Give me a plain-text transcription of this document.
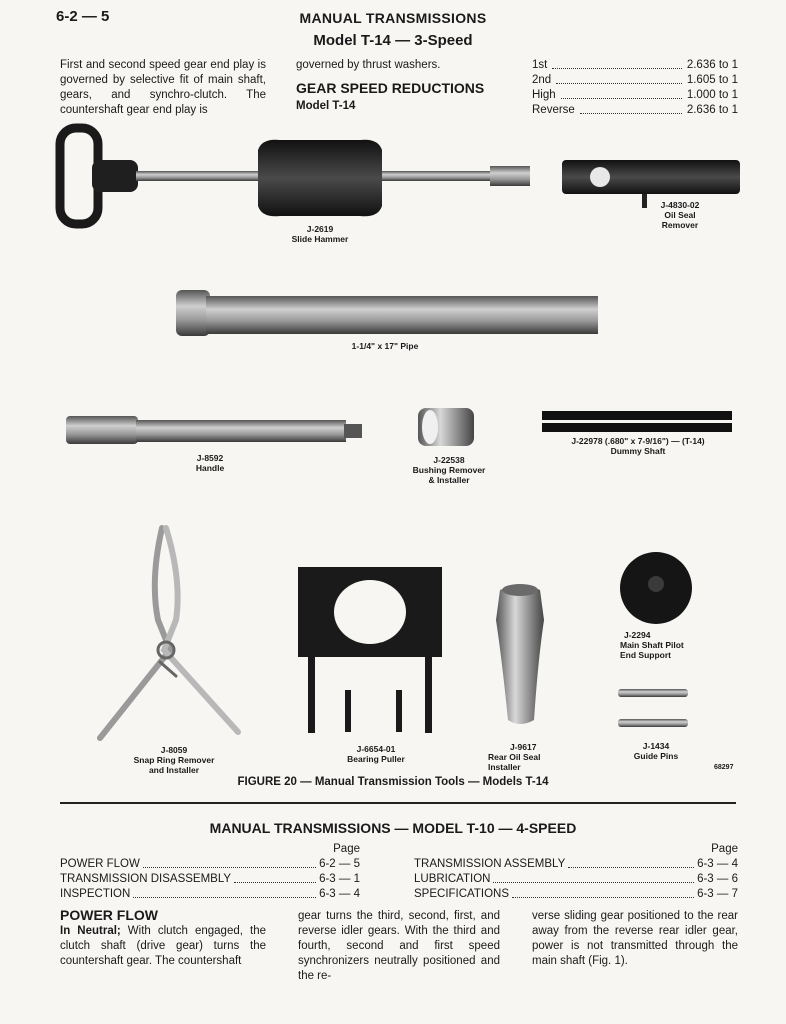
6-2 — 5	MANUAL TRANSMISSIONS
Model T-14 — 3-Speed
First and second speed gear end play is governed by selective fit of main shaft, gears, and synchro-clutch. The countershaft gear end play is
governed by thrust washers.
GEAR SPEED REDUCTIONS
Model T-14
1st	2.636 to 1
2nd	1.605 to 1
High	1.000 to 1
Reverse	2.636 to 1
J-2619
Slide Hammer
J-4830-02
Oil Seal
Remover
1-1/4" x 17" Pipe
J-8592
Handle
J-22538
Bushing Remover
& Installer
J-22978 (.680" x 7-9/16") — (T-14)
Dummy Shaft
J-8059
Snap Ring Remover
and Installer
J-6654-01
Bearing Puller
J-9617
Rear Oil Seal
Installer
J-2294
Main Shaft Pilot
End Support
J-1434
Guide Pins
68297
FIGURE 20 — Manual Transmission Tools — Models T-14
MANUAL TRANSMISSIONS — MODEL T-10 — 4-SPEED
Page
POWER FLOW	6-2 — 5
TRANSMISSION DISASSEMBLY	6-3 — 1
INSPECTION	6-3 — 4
Page
TRANSMISSION ASSEMBLY	6-3 — 4
LUBRICATION	6-3 — 6
SPECIFICATIONS	6-3 — 7
POWER FLOW
In Neutral; With clutch engaged, the clutch shaft (drive gear) turns the countershaft gear. The countershaft
gear turns the third, second, first, and reverse idler gears. With the third and fourth, second and first speed synchronizers neutrally positioned and the re-
verse sliding gear positioned to the rear away from the reverse rear idler gear, power is not transmitted through the main shaft (Fig. 1).
